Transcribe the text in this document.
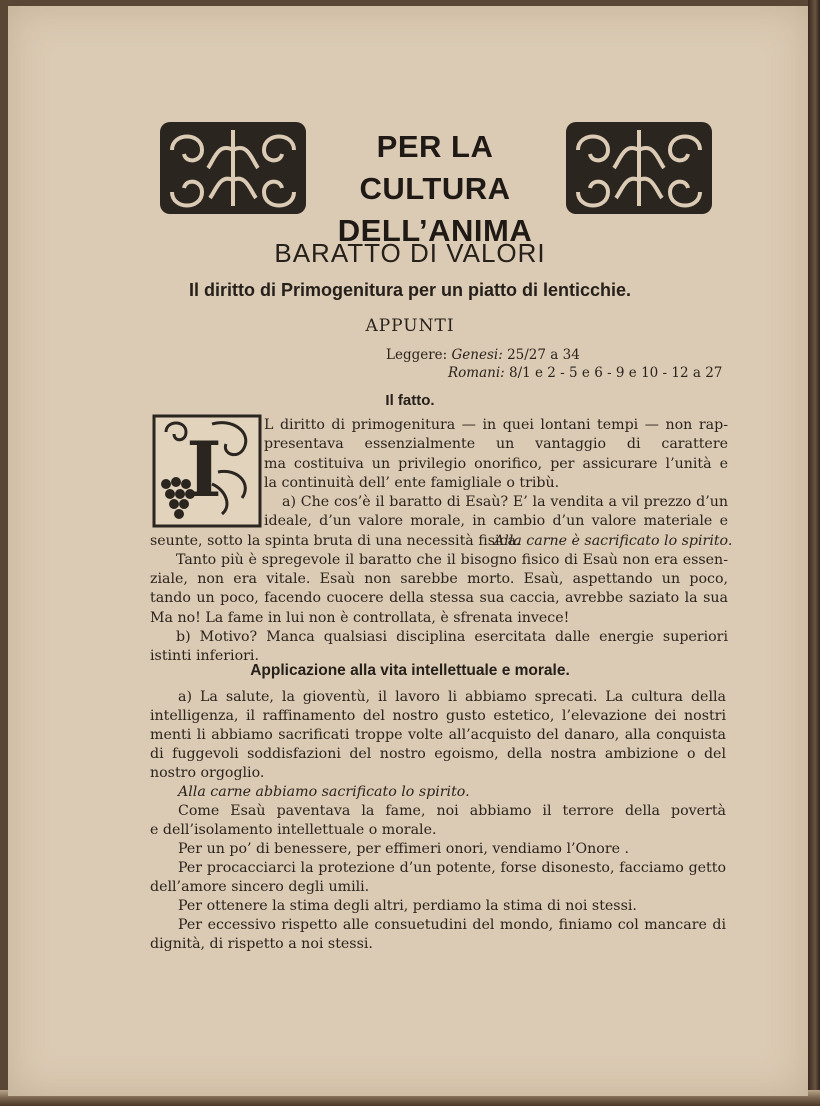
PER LA CULTURA
DELL’ANIMA
BARATTO DI VALORI
Il diritto di Primogenitura per un piatto di lenticchie.
APPUNTI
Leggere: Genesi: 25/27 a 34
Romani: 8/1 e 2 - 5 e 6 - 9 e 10 - 12 a 27
Il fatto.
I	L diritto di primogenitura — in quei lontani tempi — non rap-
presentava essenzialmente un vantaggio di carattere
ma costituiva un privilegio onorifico, per assicurare l’unità e
la continuità dell’ ente famigliale o tribù.
a) Che cos’è il baratto di Esaù? E’ la vendita a vil prezzo d’un
ideale, d’un valore morale, in cambio d’un valore materiale e
seunte, sotto la spinta bruta di una necessità fisica.
Alla carne è sacrificato lo spirito.
Tanto più è spregevole il baratto che il bisogno fisico di Esaù non era essen-
ziale, non era vitale. Esaù non sarebbe morto. Esaù, aspettando un poco,
tando un poco, facendo cuocere della stessa sua caccia, avrebbe saziato la sua
Ma no! La fame in lui non è controllata, è sfrenata invece!
b) Motivo? Manca qualsiasi disciplina esercitata dalle energie superiori
istinti inferiori.
Applicazione alla vita intellettuale e morale.
a) La salute, la gioventù, il lavoro li abbiamo sprecati. La cultura della
intelligenza, il raffinamento del nostro gusto estetico, l’elevazione dei nostri
menti li abbiamo sacrificati troppe volte all’acquisto del danaro, alla conquista
di fuggevoli soddisfazioni del nostro egoismo, della nostra ambizione o del
nostro orgoglio.
Alla carne abbiamo sacrificato lo spirito.
Come Esaù paventava la fame, noi abbiamo il terrore della povertà
e dell’isolamento intellettuale o morale.
Per un po’ di benessere, per effimeri onori, vendiamo l’Onore .
Per procacciarci la protezione d’un potente, forse disonesto, facciamo getto
dell’amore sincero degli umili.
Per ottenere la stima degli altri, perdiamo la stima di noi stessi.
Per eccessivo rispetto alle consuetudini del mondo, finiamo col mancare di
dignità, di rispetto a noi stessi.
